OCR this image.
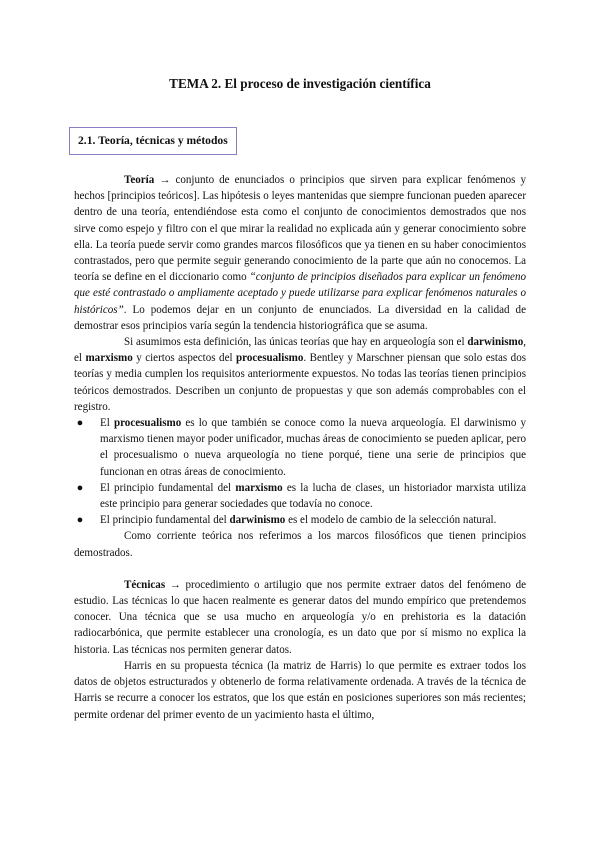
TEMA 2. El proceso de investigación científica
2.1. Teoría, técnicas y métodos

Teoría → conjunto de enunciados o principios que sirven para explicar fenómenos y hechos [principios teóricos]. Las hipótesis o leyes mantenidas que siempre funcionan pueden aparecer dentro de una teoría, entendiéndose esta como el conjunto de conocimientos demostrados que nos sirve como espejo y filtro con el que mirar la realidad no explicada aún y generar conocimiento sobre ella. La teoría puede servir como grandes marcos filosóficos que ya tienen en su haber conocimientos contrastados, pero que permite seguir generando conocimiento de la parte que aún no conocemos. La teoría se define en el diccionario como “conjunto de principios diseñados para explicar un fenómeno que esté contrastado o ampliamente aceptado y puede utilizarse para explicar fenómenos naturales o históricos”. Lo podemos dejar en un conjunto de enunciados. La diversidad en la calidad de demostrar esos principios varía según la tendencia historiográfica que se asuma.

Si asumimos esta definición, las únicas teorías que hay en arqueología son el darwinismo, el marxismo y ciertos aspectos del procesualismo. Bentley y Marschner piensan que solo estas dos teorías y media cumplen los requisitos anteriormente expuestos. No todas las teorías tienen principios teóricos demostrados. Describen un conjunto de propuestas y que son además comprobables con el registro.

● El procesualismo es lo que también se conoce como la nueva arqueología. El darwinismo y marxismo tienen mayor poder unificador, muchas áreas de conocimiento se pueden aplicar, pero el procesualismo o nueva arqueología no tiene porqué, tiene una serie de principios que funcionan en otras áreas de conocimiento.
● El principio fundamental del marxismo es la lucha de clases, un historiador marxista utiliza este principio para generar sociedades que todavía no conoce.
● El principio fundamental del darwinismo es el modelo de cambio de la selección natural.

Como corriente teórica nos referimos a los marcos filosóficos que tienen principios demostrados.

Técnicas → procedimiento o artilugio que nos permite extraer datos del fenómeno de estudio. Las técnicas lo que hacen realmente es generar datos del mundo empírico que pretendemos conocer. Una técnica que se usa mucho en arqueología y/o en prehistoria es la datación radiocarbónica, que permite establecer una cronología, es un dato que por sí mismo no explica la historia. Las técnicas nos permiten generar datos.

Harris en su propuesta técnica (la matriz de Harris) lo que permite es extraer todos los datos de objetos estructurados y obtenerlo de forma relativamente ordenada. A través de la técnica de Harris se recurre a conocer los estratos, que los que están en posiciones superiores son más recientes; permite ordenar del primer evento de un yacimiento hasta el último,
